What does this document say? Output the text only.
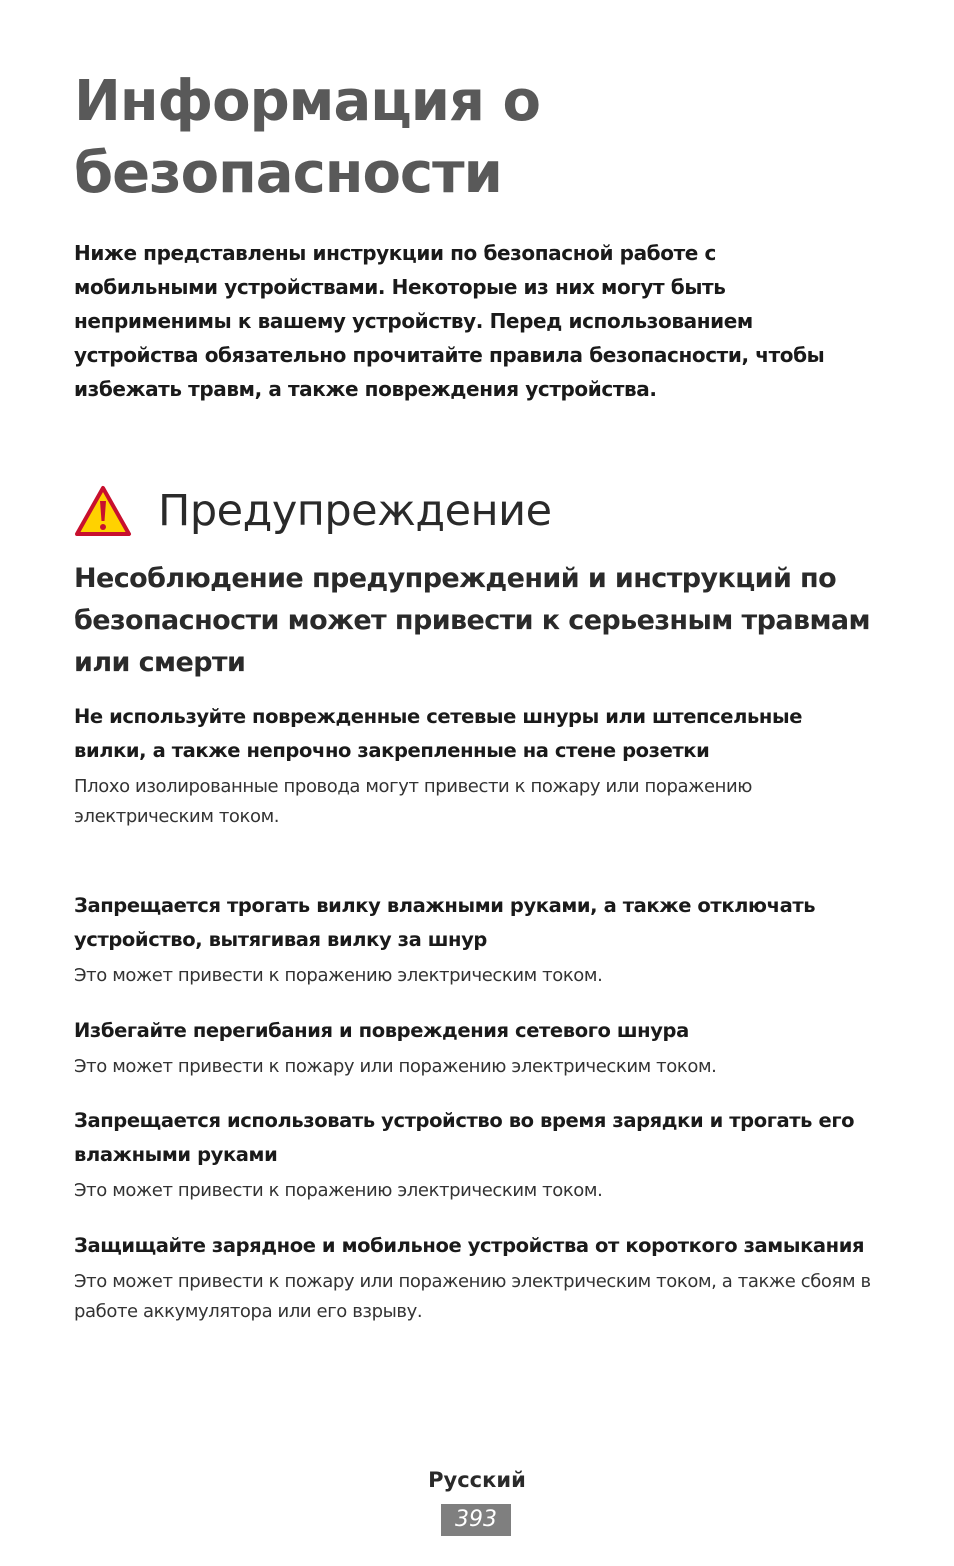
Информация о безопасности

Ниже представлены инструкции по безопасной работе с мобильными устройствами. Некоторые из них могут быть неприменимы к вашему устройству. Перед использованием устройства обязательно прочитайте правила безопасности, чтобы избежать травм, а также повреждения устройства.

Предупреждение

Несоблюдение предупреждений и инструкций по безопасности может привести к серьезным травмам или смерти

Не используйте поврежденные сетевые шнуры или штепсельные вилки, а также непрочно закрепленные на стене розетки

Плохо изолированные провода могут привести к пожару или поражению электрическим током.

Запрещается трогать вилку влажными руками, а также отключать устройство, вытягивая вилку за шнур

Это может привести к поражению электрическим током.

Избегайте перегибания и повреждения сетевого шнура

Это может привести к пожару или поражению электрическим током.

Запрещается использовать устройство во время зарядки и трогать его влажными руками

Это может привести к поражению электрическим током.

Защищайте зарядное и мобильное устройства от короткого замыкания

Это может привести к пожару или поражению электрическим током, а также сбоям в работе аккумулятора или его взрыву.

Русский
393
